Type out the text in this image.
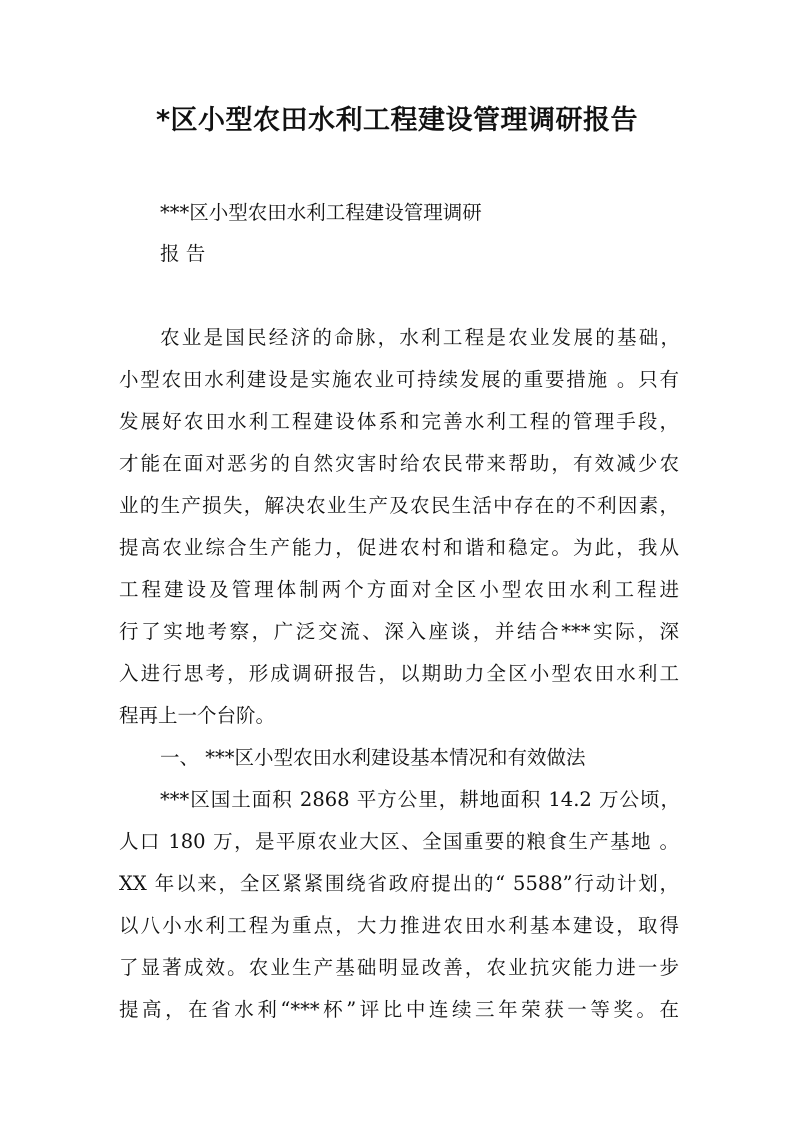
*区小型农田水利工程建设管理调研报告
***区小型农田水利工程建设管理调研
报 告
农业是国民经济的命脉，水利工程是农业发展的基础，
小型农田水利建设是实施农业可持续发展的重要措施 。只有
发展好农田水利工程建设体系和完善水利工程的管理手段，
才能在面对恶劣的自然灾害时给农民带来帮助，有效减少农
业的生产损失，解决农业生产及农民生活中存在的不利因素，
提高农业综合生产能力，促进农村和谐和稳定。为此，我从
工程建设及管理体制两个方面对全区小型农田水利工程进
行了实地考察，广泛交流、深入座谈，并结合***实际，深
入进行思考，形成调研报告，以期助力全区小型农田水利工
程再上一个台阶。
一、 ***区小型农田水利建设基本情况和有效做法
***区国土面积 2868 平方公里，耕地面积 14.2 万公顷，
人口 180 万，是平原农业大区、全国重要的粮食生产基地 。
XX 年以来，全区紧紧围绕省政府提出的“ 5588”行动计划，
以八小水利工程为重点，大力推进农田水利基本建设，取得
了显著成效。农业生产基础明显改善，农业抗灾能力进一步
提高，在省水利“***杯”评比中连续三年荣获一等奖。在
